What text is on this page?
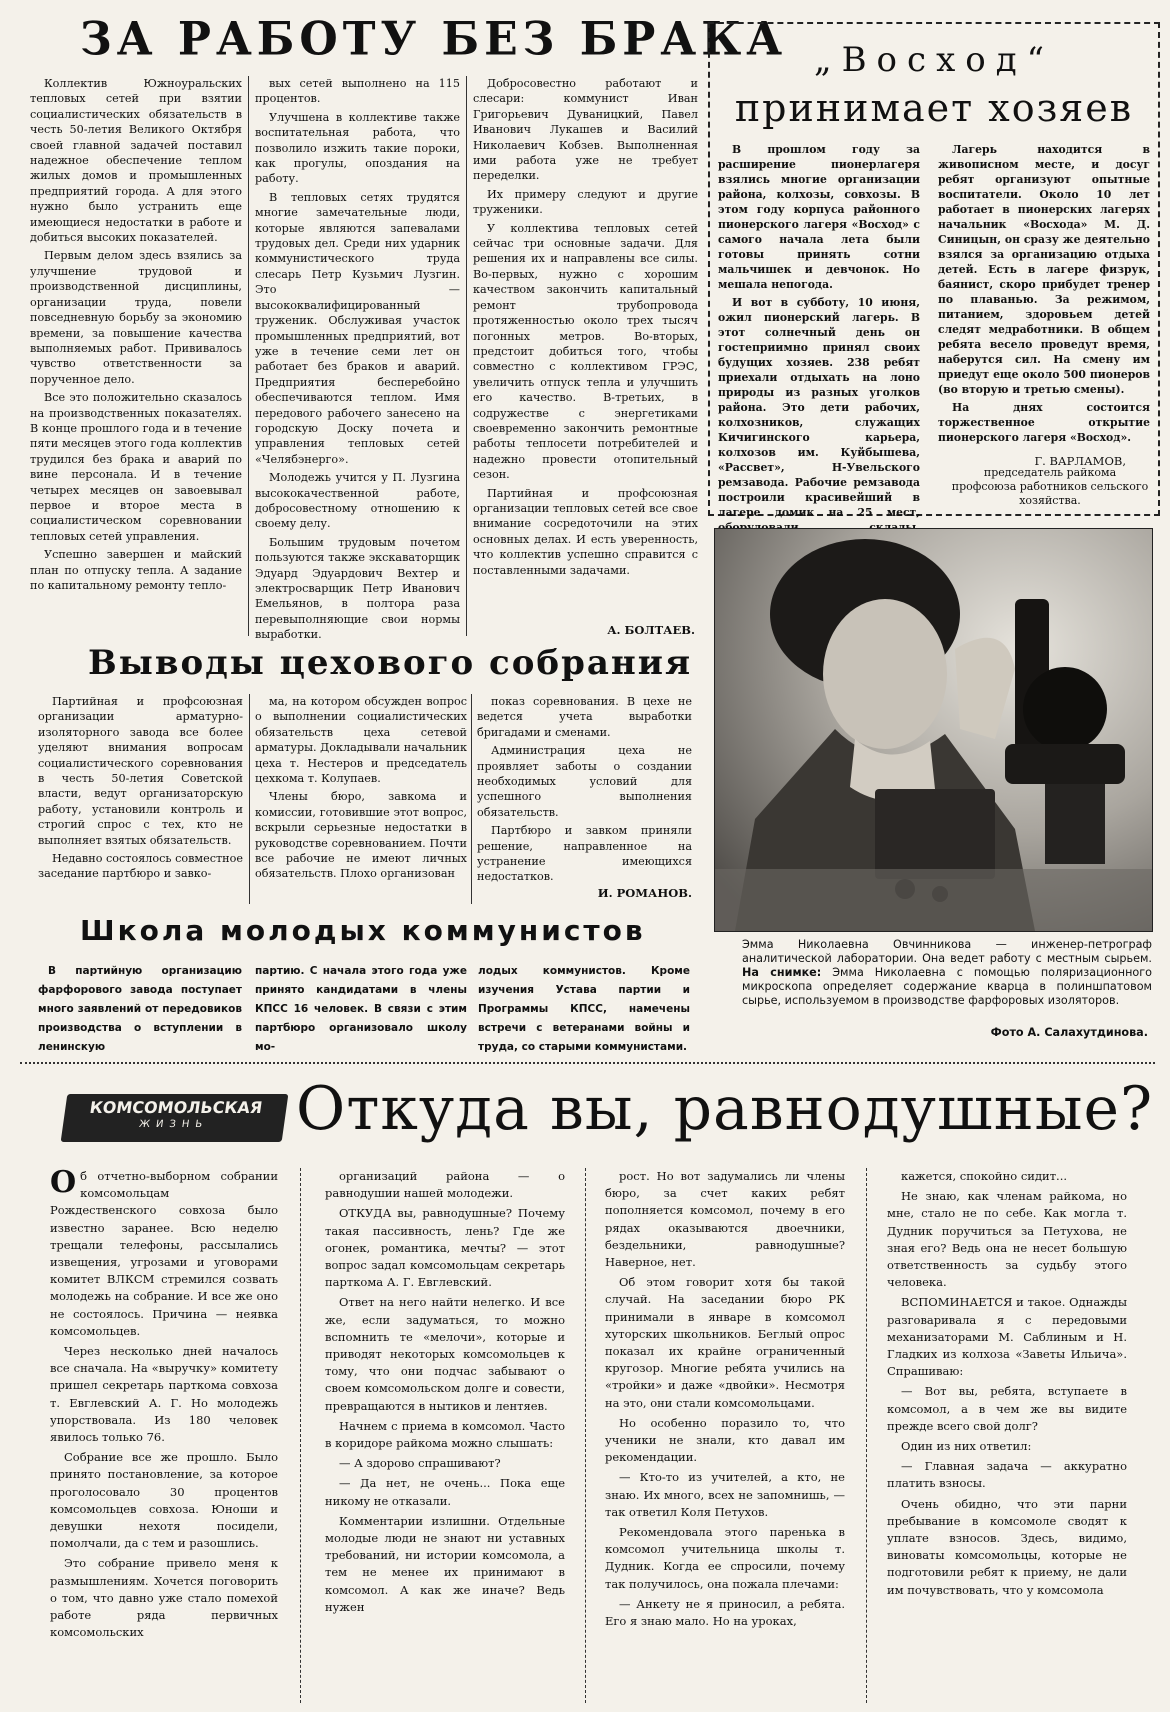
ЗА РАБОТУ БЕЗ БРАКА

Коллектив Южноуральских тепловых сетей при взятии социалистических обязательств в честь 50-летия Великого Октября своей главной задачей поставил надежное обеспечение теплом жилых домов и промышленных предприятий города. А для этого нужно было устранить еще имеющиеся недостатки в работе и добиться высоких показателей.

Первым делом здесь взялись за улучшение трудовой и производственной дисциплины, организации труда, повели повседневную борьбу за экономию времени, за повышение качества выполняемых работ. Прививалось чувство ответственности за порученное дело.

Все это положительно сказалось на производственных показателях. В конце прошлого года и в течение пяти месяцев этого года коллектив трудился без брака и аварий по вине персонала. И в течение четырех месяцев он завоевывал первое и второе места в социалистическом соревновании тепловых сетей управления.

Успешно завершен и майский план по отпуску тепла. А задание по капитальному ремонту тепло-

вых сетей выполнено на 115 процентов.

Улучшена в коллективе также воспитательная работа, что позволило изжить такие пороки, как прогулы, опоздания на работу.

В тепловых сетях трудятся многие замечательные люди, которые являются запевалами трудовых дел. Среди них ударник коммунистического труда слесарь Петр Кузьмич Лузгин. Это — высококвалифицированный труженик. Обслуживая участок промышленных предприятий, вот уже в течение семи лет он работает без браков и аварий. Предприятия бесперебойно обеспечиваются теплом. Имя передового рабочего занесено на городскую Доску почета и управления тепловых сетей «Челябэнерго».

Молодежь учится у П. Лузгина высококачественной работе, добросовестному отношению к своему делу.

Большим трудовым почетом пользуются также экскаваторщик Эдуард Эдуардович Вехтер и электросварщик Петр Иванович Емельянов, в полтора раза перевыполняющие свои нормы выработки.

Добросовестно работают и слесари: коммунист Иван Григорьевич Дуваницкий, Павел Иванович Лукашев и Василий Николаевич Кобзев. Выполненная ими работа уже не требует переделки.

Их примеру следуют и другие труженики.

У коллектива тепловых сетей сейчас три основные задачи. Для решения их и направлены все силы. Во-первых, нужно с хорошим качеством закончить капитальный ремонт трубопровода протяженностью около трех тысяч погонных метров. Во-вторых, предстоит добиться того, чтобы совместно с коллективом ГРЭС, увеличить отпуск тепла и улучшить его качество. В-третьих, в содружестве с энергетиками своевременно закончить ремонтные работы теплосети потребителей и надежно провести отопительный сезон.

Партийная и профсоюзная организации тепловых сетей все свое внимание сосредоточили на этих основных делах. И есть уверенность, что коллектив успешно справится с поставленными задачами.

А. БОЛТАЕВ.
„Восход“
принимает хозяев

В прошлом году за расширение пионерлагеря взялись многие организации района, колхозы, совхозы. В этом году корпуса районного пионерского лагеря «Восход» с самого начала лета были готовы принять сотни мальчишек и девчонок. Но мешала непогода.

И вот в субботу, 10 июня, ожил пионерский лагерь. В этот солнечный день он гостеприимно принял своих будущих хозяев. 238 ребят приехали отдыхать на лоно природы из разных уголков района. Это дети рабочих, колхозников, служащих Кичигинского карьера, колхозов им. Куйбышева, «Рассвет», Н-Увельского ремзавода. Рабочие ремзавода построили красивейший в лагере домик на 25 мест,

Лагерь находится в живописном месте, и досуг ребят организуют опытные воспитатели. Около 10 лет работает в пионерских лагерях начальник «Восхода» М. Д. Синицын, он сразу же деятельно взялся за организацию отдыха детей. Есть в лагере физрук, баянист, скоро прибудет тренер по плаванью. За режимом, питанием, здоровьем детей следят медработники. В общем ребята весело проведут время, наберутся сил. На смену им приедут еще около 500 пионеров (во вторую и третью смены).

На днях состоится торжественное открытие пионерского лагеря «Восход».

Г. ВАРЛАМОВ,
председатель райкома профсоюза работников сельского хозяйства.
Эмма Николаевна Овчинникова — инженер-петрограф аналитической лаборатории. Она ведет работу с местным сырьем. На снимке: Эмма Николаевна с помощью поляризационного микроскопа определяет содержание кварца в полиншпатовом сырье, используемом в производстве фарфоровых изоляторов.
Фото А. Салахутдинова.
Выводы цехового собрания

Партийная и профсоюзная организации арматурно-изоляторного завода все более уделяют внимания вопросам социалистического соревнования в честь 50-летия Советской власти, ведут организаторскую работу, установили контроль и строгий спрос с тех, кто не выполняет взятых обязательств.

Недавно состоялось совместное заседание партбюро и завко-

ма, на котором обсужден вопрос о выполнении социалистических обязательств цеха сетевой арматуры. Докладывали начальник цеха т. Нестеров и председатель цехкома т. Колупаев.

Члены бюро, завкома и комиссии, готовившие этот вопрос, вскрыли серьезные недостатки в руководстве соревнованием. Почти все рабочие не имеют личных обязательств. Плохо организован

показ соревнования. В цехе не ведется учета выработки бригадами и сменами.

Администрация цеха не проявляет заботы о создании необходимых условий для успешного выполнения обязательств.

Партбюро и завком приняли решение, направленное на устранение имеющихся недостатков.

И. РОМАНОВ.
Школа молодых коммунистов
В партийную организацию фарфорового завода поступает много заявлений от передовиков производства о вступлении в ленинскую
партию. С начала этого года уже принято кандидатами в члены КПСС 16 человек. В связи с этим партбюро организовало школу мо-
лодых коммунистов. Кроме изучения Устава партии и Программы КПСС, намечены встречи с ветеранами войны и труда, со старыми коммунистами.
КОМСОМОЛЬСКАЯ
ЖИЗНЬ	Откуда вы, равнодушные?

Об отчетно-выборном собрании комсомольцам Рождественского совхоза было известно заранее. Всю неделю трещали телефоны, рассылались извещения, угрозами и уговорами комитет ВЛКСМ стремился созвать молодежь на собрание. И все же оно не состоялось. Причина — неявка комсомольцев.

Через несколько дней началось все сначала. На «выручку» комитету пришел секретарь парткома совхоза т. Евглевский А. Г. Но молодежь упорствовала. Из 180 человек явилось только 76.

Собрание все же прошло. Было принято постановление, за которое проголосовало 30 процентов комсомольцев совхоза. Юноши и девушки нехотя посидели, помолчали, да с тем и разошлись.

Это собрание привело меня к размышлениям. Хочется поговорить о том, что давно уже стало помехой работе ряда первичных комсомольских

организаций района — о равнодушии нашей молодежи.

ОТКУДА вы, равнодушные? Почему такая пассивность, лень? Где же огонек, романтика, мечты? — этот вопрос задал комсомольцам секретарь парткома А. Г. Евглевский.

Ответ на него найти нелегко. И все же, если задуматься, то можно вспомнить те «мелочи», которые и приводят некоторых комсомольцев к тому, что они подчас забывают о своем комсомольском долге и совести, превращаются в нытиков и лентяев.

Начнем с приема в комсомол. Часто в коридоре райкома можно слышать:

— А здорово спрашивают?

— Да нет, не очень... Пока еще никому не отказали.

Комментарии излишни. Отдельные молодые люди не знают ни уставных требований, ни истории комсомола, а тем не менее их принимают в комсомол. А как же иначе? Ведь нужен

рост. Но вот задумались ли члены бюро, за счет каких ребят пополняется комсомол, почему в его рядах оказываются двоечники, бездельники, равнодушные? Наверное, нет.

Об этом говорит хотя бы такой случай. На заседании бюро РК принимали в январе в комсомол хуторских школьников. Беглый опрос показал их крайне ограниченный кругозор. Многие ребята учились на «тройки» и даже «двойки». Несмотря на это, они стали комсомольцами.

Но особенно поразило то, что ученики не знали, кто давал им рекомендации.

— Кто-то из учителей, а кто, не знаю. Их много, всех не запомнишь, — так ответил Коля Петухов.

Рекомендовала этого паренька в комсомол учительница школы т. Дудник. Когда ее спросили, почему так получилось, она пожала плечами:

— Анкету не я приносил, а ребята. Его я знаю мало. Но на уроках,

кажется, спокойно сидит...

Не знаю, как членам райкома, но мне, стало не по себе. Как могла т. Дудник поручиться за Петухова, не зная его? Ведь она не несет большую ответственность за судьбу этого человека.

ВСПОМИНАЕТСЯ и такое. Однажды разговаривала я с передовыми механизаторами М. Саблиным и Н. Гладких из колхоза «Заветы Ильича». Спрашиваю:

— Вот вы, ребята, вступаете в комсомол, а в чем же вы видите прежде всего свой долг?

Один из них ответил:

— Главная задача — аккуратно платить взносы.

Очень обидно, что эти парни пребывание в комсомоле сводят к уплате взносов. Здесь, видимо, виноваты комсомольцы, которые не подготовили ребят к приему, не дали им почувствовать, что у комсомола
